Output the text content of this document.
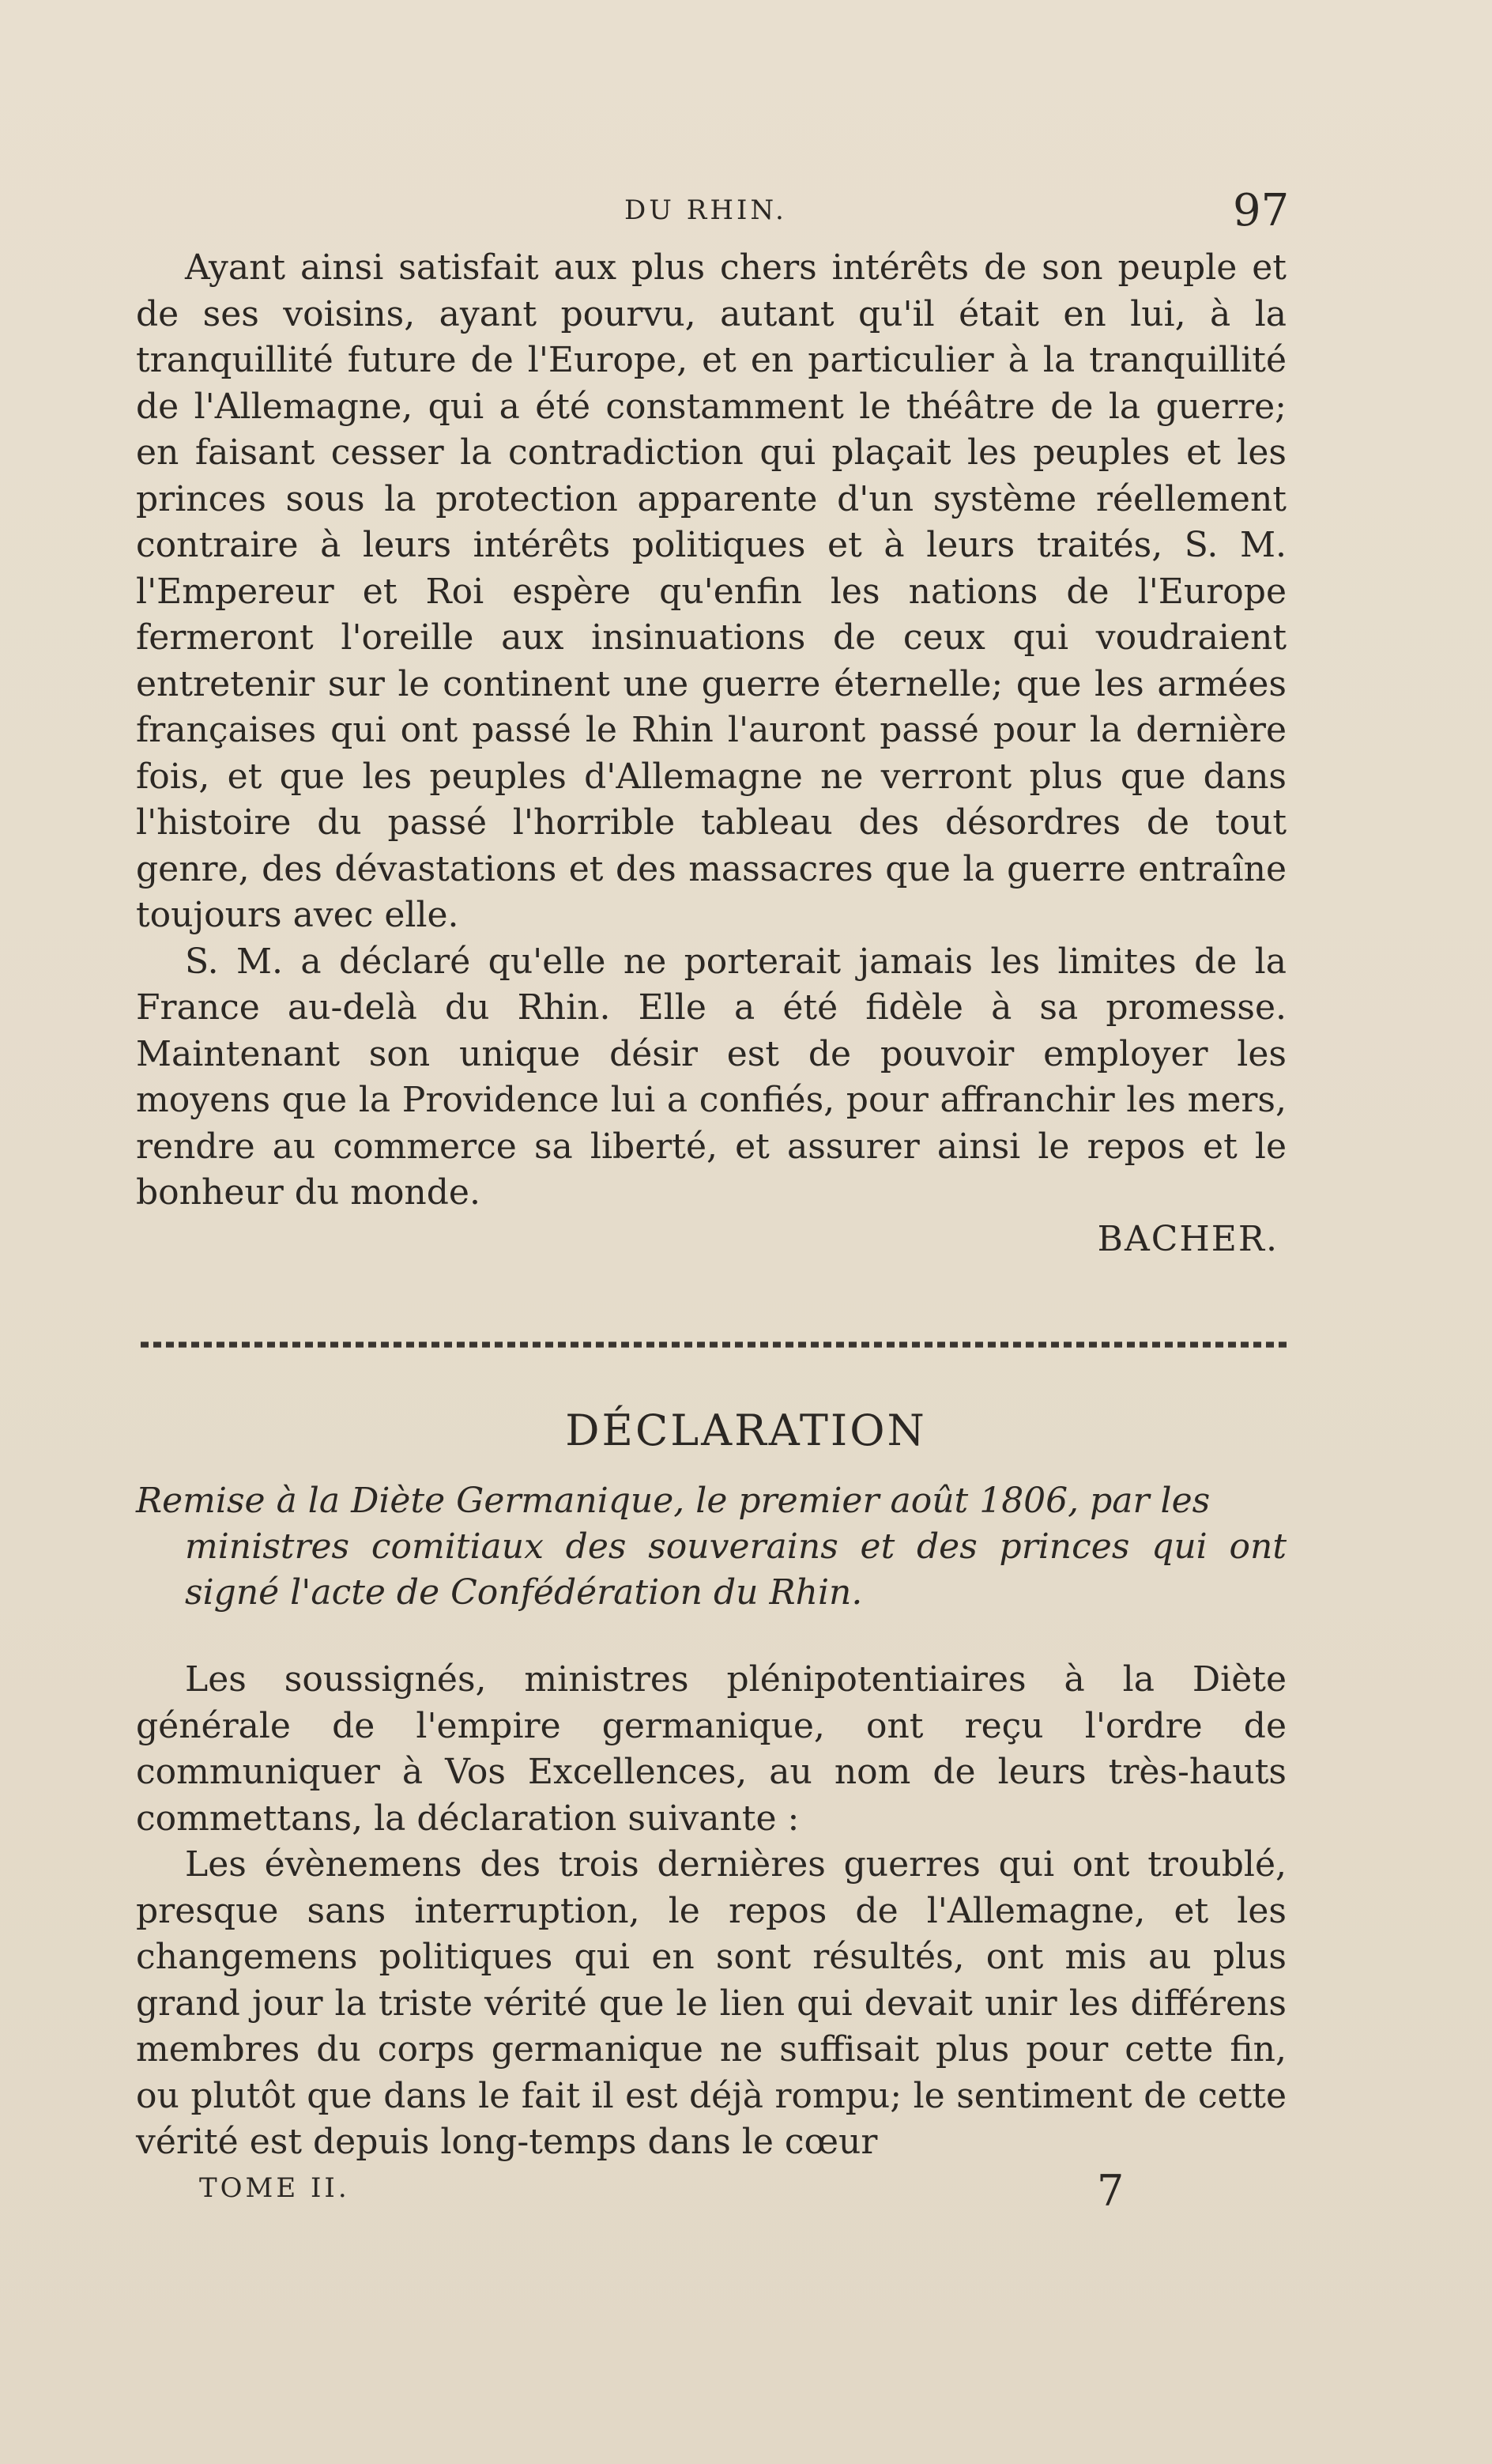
DU RHIN.	97

Ayant ainsi satisfait aux plus chers intérêts de son peuple et de ses voisins, ayant pourvu, autant qu'il était en lui, à la tranquillité future de l'Europe, et en particulier à la tranquillité de l'Allemagne, qui a été constamment le théâtre de la guerre; en faisant cesser la contradiction qui plaçait les peuples et les princes sous la protection apparente d'un système réellement contraire à leurs intérêts politiques et à leurs traités, S. M. l'Empereur et Roi espère qu'enfin les nations de l'Europe fermeront l'oreille aux insinuations de ceux qui voudraient entretenir sur le continent une guerre éternelle; que les armées françaises qui ont passé le Rhin l'auront passé pour la dernière fois, et que les peuples d'Allemagne ne verront plus que dans l'histoire du passé l'horrible tableau des désordres de tout genre, des dévastations et des massacres que la guerre entraîne toujours avec elle.

S. M. a déclaré qu'elle ne porterait jamais les limites de la France au-delà du Rhin. Elle a été fidèle à sa promesse. Maintenant son unique désir est de pouvoir employer les moyens que la Providence lui a confiés, pour affranchir les mers, rendre au commerce sa liberté, et assurer ainsi le repos et le bonheur du monde.

BACHER.

DÉCLARATION
Remise à la Diète Germanique, le premier août 1806, par les
ministres comitiaux des souverains et des princes qui ont signé l'acte de Confédération du Rhin.

Les soussignés, ministres plénipotentiaires à la Diète générale de l'empire germanique, ont reçu l'ordre de communiquer à Vos Excellences, au nom de leurs très-hauts commettans, la déclaration suivante :

Les évènemens des trois dernières guerres qui ont troublé, presque sans interruption, le repos de l'Allemagne, et les changemens politiques qui en sont résultés, ont mis au plus grand jour la triste vérité que le lien qui devait unir les différens membres du corps germanique ne suffisait plus pour cette fin, ou plutôt que dans le fait il est déjà rompu; le sentiment de cette vérité est depuis long-temps dans le cœur

TOME II.	7
